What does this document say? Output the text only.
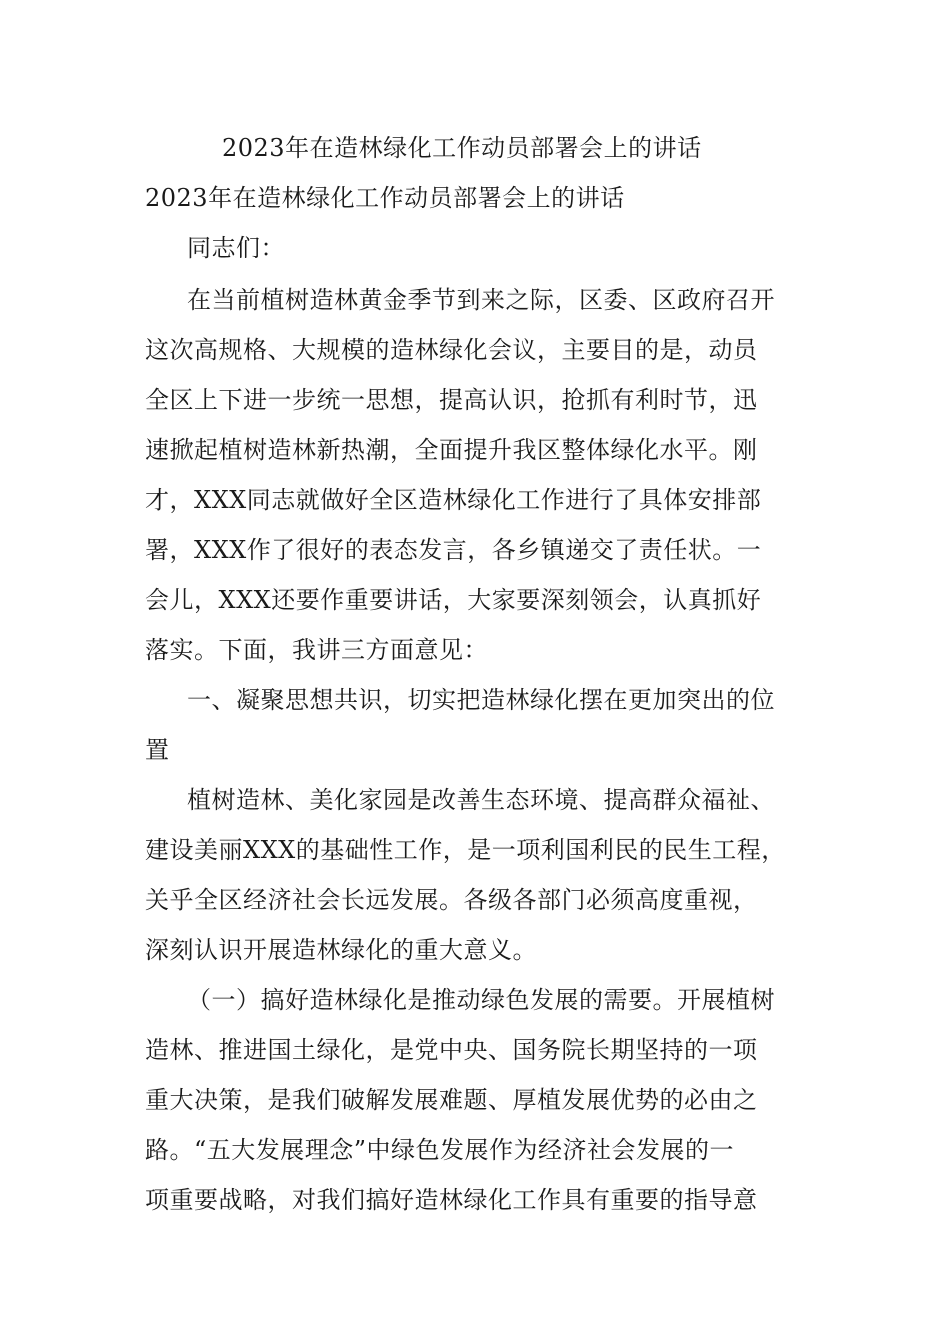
2023年在造林绿化工作动员部署会上的讲话
2023年在造林绿化工作动员部署会上的讲话
同志们：
在当前植树造林黄金季节到来之际，区委、区政府召开
这次高规格、大规模的造林绿化会议，主要目的是，动员
全区上下进一步统一思想，提高认识，抢抓有利时节，迅
速掀起植树造林新热潮，全面提升我区整体绿化水平。刚
才，XXX同志就做好全区造林绿化工作进行了具体安排部
署，XXX作了很好的表态发言，各乡镇递交了责任状。一
会儿，XXX还要作重要讲话，大家要深刻领会，认真抓好
落实。下面，我讲三方面意见：
一、凝聚思想共识，切实把造林绿化摆在更加突出的位
置
植树造林、美化家园是改善生态环境、提高群众福祉、
建设美丽XXX的基础性工作，是一项利国利民的民生工程，
关乎全区经济社会长远发展。各级各部门必须高度重视，
深刻认识开展造林绿化的重大意义。
（一）搞好造林绿化是推动绿色发展的需要。开展植树
造林、推进国土绿化，是党中央、国务院长期坚持的一项
重大决策，是我们破解发展难题、厚植发展优势的必由之
路。“五大发展理念”中绿色发展作为经济社会发展的一
项重要战略，对我们搞好造林绿化工作具有重要的指导意
